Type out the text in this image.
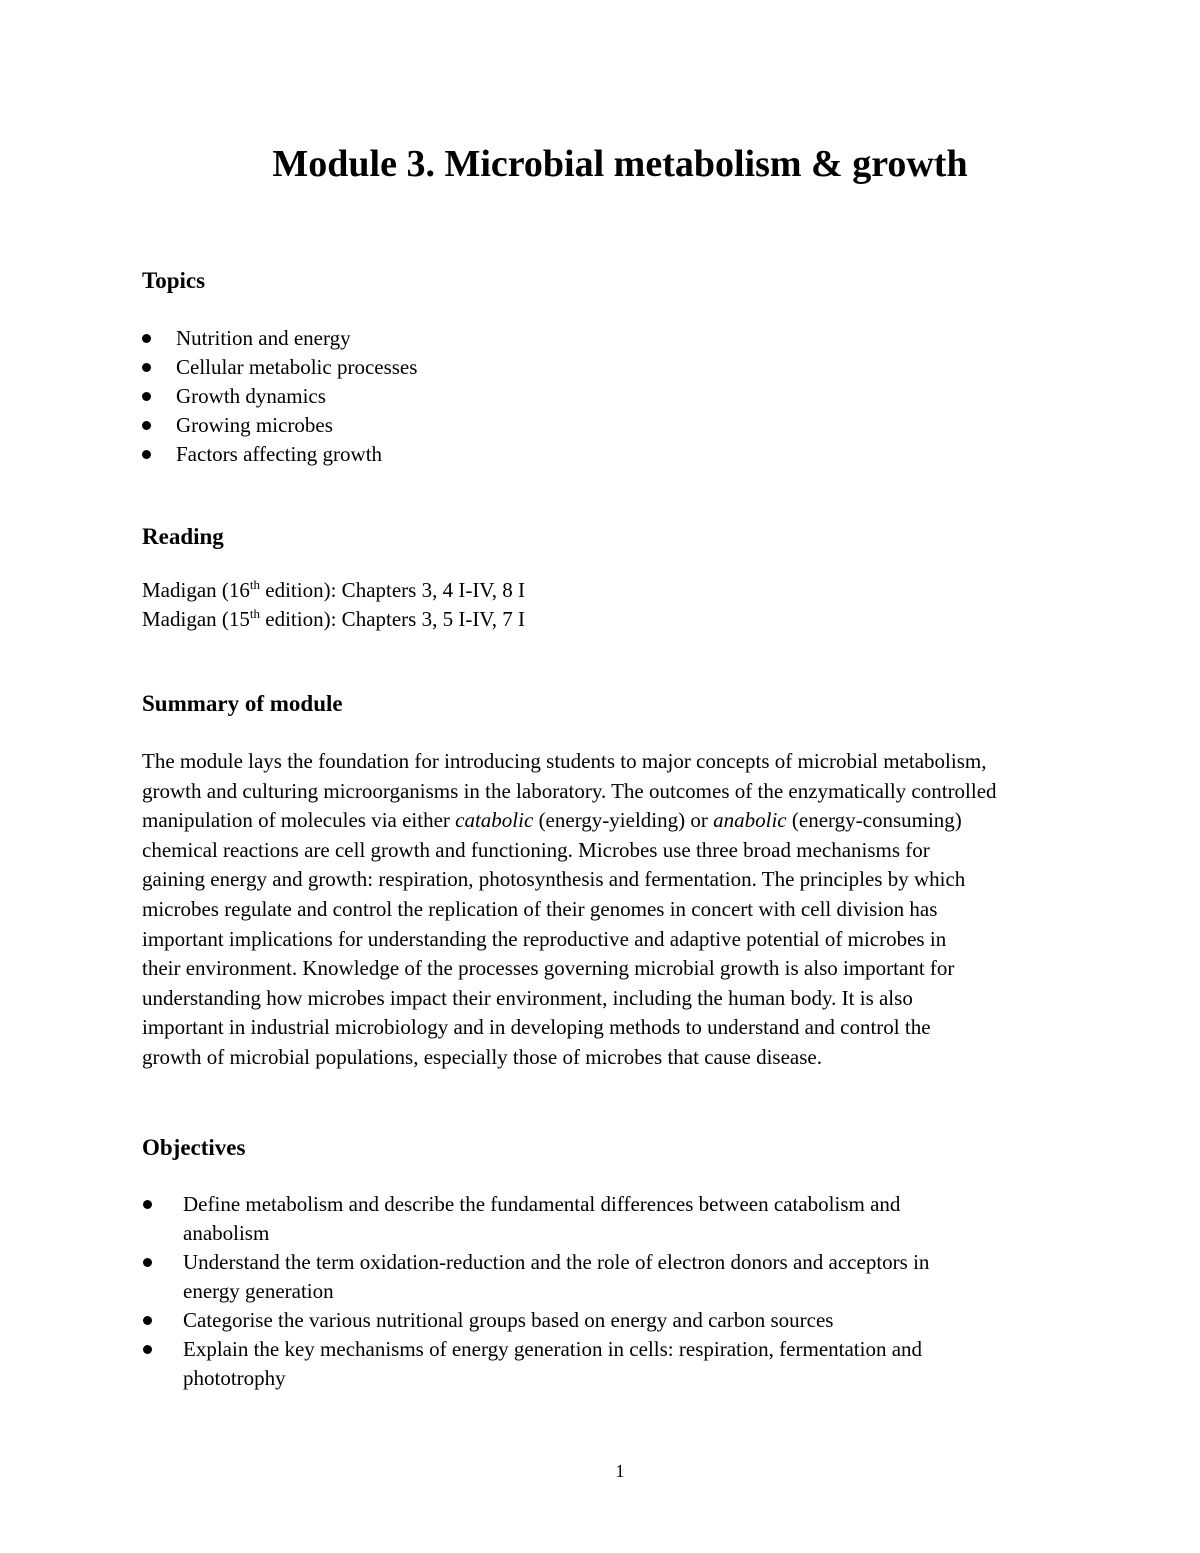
Module 3. Microbial metabolism & growth
Topics
Nutrition and energy
Cellular metabolic processes
Growth dynamics
Growing microbes
Factors affecting growth
Reading
Madigan (16th edition): Chapters 3, 4 I-IV, 8 I
Madigan (15th edition): Chapters 3, 5 I-IV, 7 I
Summary of module

The module lays the foundation for introducing students to major concepts of microbial metabolism,
growth and culturing microorganisms in the laboratory. The outcomes of the enzymatically controlled
manipulation of molecules via either catabolic (energy-yielding) or anabolic (energy-consuming)
chemical reactions are cell growth and functioning. Microbes use three broad mechanisms for
gaining energy and growth: respiration, photosynthesis and fermentation. The principles by which
microbes regulate and control the replication of their genomes in concert with cell division has
important implications for understanding the reproductive and adaptive potential of microbes in
their environment. Knowledge of the processes governing microbial growth is also important for
understanding how microbes impact their environment, including the human body. It is also
important in industrial microbiology and in developing methods to understand and control the
growth of microbial populations, especially those of microbes that cause disease.

Objectives
Define metabolism and describe the fundamental differences between catabolism and
anabolism
Understand the term oxidation-reduction and the role of electron donors and acceptors in
energy generation
Categorise the various nutritional groups based on energy and carbon sources
Explain the key mechanisms of energy generation in cells: respiration, fermentation and
phototrophy
1
